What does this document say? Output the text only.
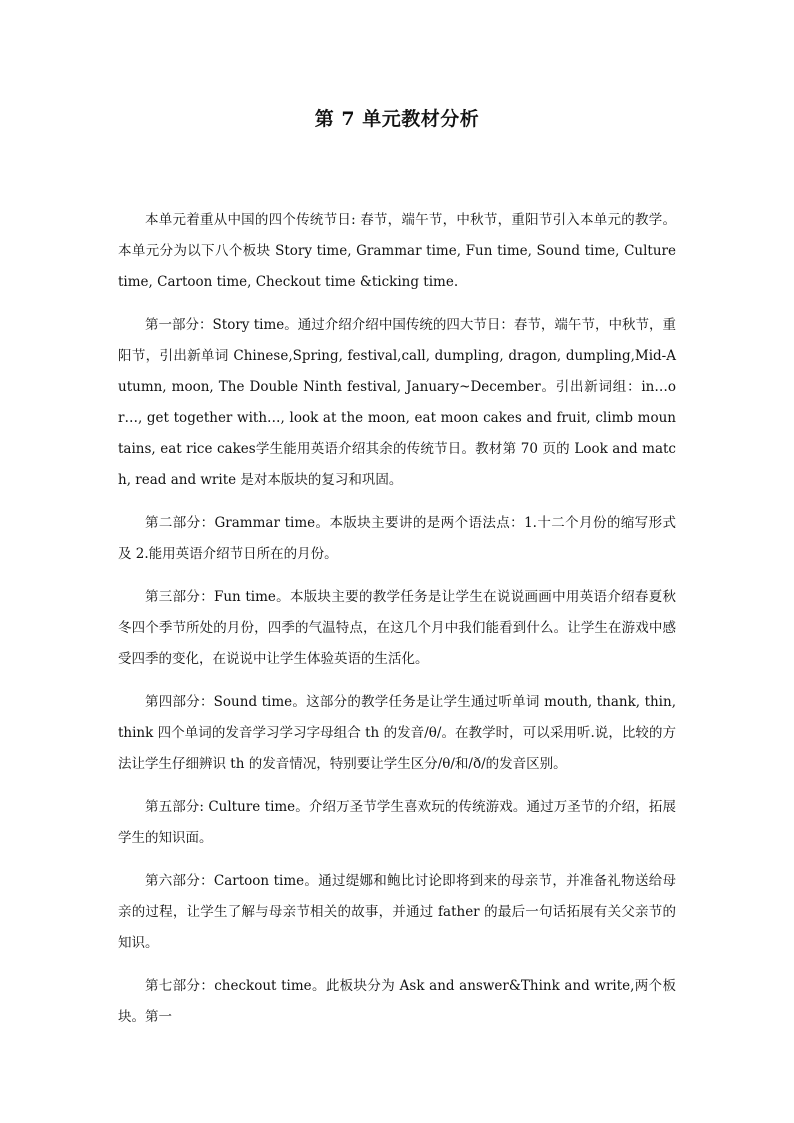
第 7 单元教材分析

本单元着重从中国的四个传统节日: 春节，端午节，中秋节，重阳节引入本单元的教学。本单元分为以下八个板块 Story time, Grammar time, Fun time, Sound time, Culture time, Cartoon time, Checkout time &ticking time.

第一部分：Story time。通过介绍介绍中国传统的四大节日：春节，端午节，中秋节，重阳节，引出新单词 Chinese,Spring, festival,call, dumpling, dragon, dumpling,Mid-Autumn, moon, The Double Ninth festival, January~December。引出新词组：in…or…, get together with…, look at the moon, eat moon cakes and fruit, climb mountains, eat rice cakes学生能用英语介绍其余的传统节日。教材第 70 页的 Look and match, read and write 是对本版块的复习和巩固。

第二部分：Grammar time。本版块主要讲的是两个语法点：1.十二个月份的缩写形式及 2.能用英语介绍节日所在的月份。

第三部分：Fun time。本版块主要的教学任务是让学生在说说画画中用英语介绍春夏秋冬四个季节所处的月份，四季的气温特点，在这几个月中我们能看到什么。让学生在游戏中感受四季的变化，在说说中让学生体验英语的生活化。

第四部分：Sound time。这部分的教学任务是让学生通过听单词 mouth, thank, thin, think 四个单词的发音学习学习字母组合 th 的发音/θ/。在教学时，可以采用听.说，比较的方法让学生仔细辨识 th 的发音情况，特别要让学生区分/θ/和/ð/的发音区别。

第五部分: Culture time。介绍万圣节学生喜欢玩的传统游戏。通过万圣节的介绍，拓展学生的知识面。

第六部分：Cartoon time。通过缇娜和鲍比讨论即将到来的母亲节，并准备礼物送给母亲的过程，让学生了解与母亲节相关的故事，并通过 father 的最后一句话拓展有关父亲节的知识。

第七部分：checkout time。此板块分为 Ask and answer&Think and write,两个板块。第一
